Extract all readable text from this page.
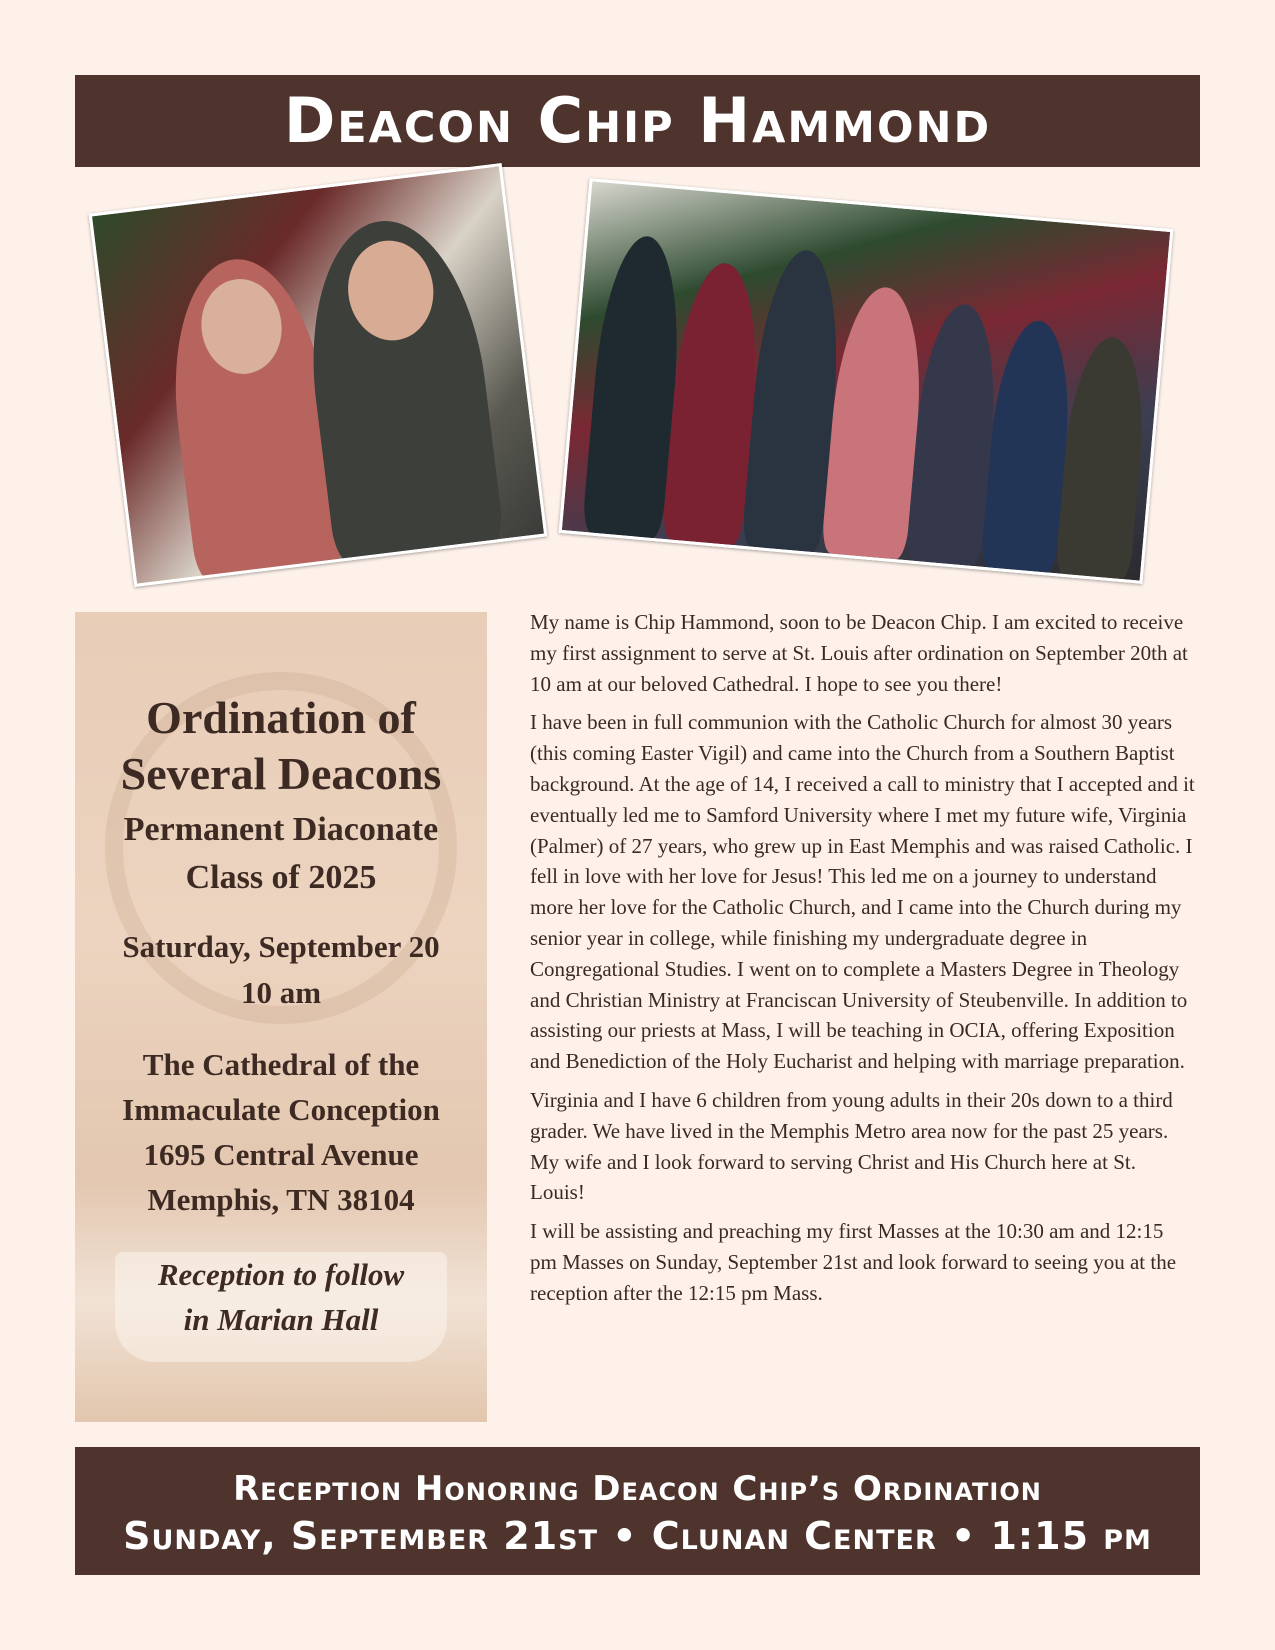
Deacon Chip Hammond
Ordination of
Several Deacons
Permanent Diaconate
Class of 2025
Saturday, September 20
10 am
The Cathedral of the
Immaculate Conception
1695 Central Avenue
Memphis, TN 38104
Reception to follow
in Marian Hall

My name is Chip Hammond, soon to be Deacon Chip. I am excited to receive my first assignment to serve at St. Louis after ordination on September 20th at 10 am at our beloved Cathedral. I hope to see you there!

I have been in full communion with the Catholic Church for almost 30 years (this coming Easter Vigil) and came into the Church from a Southern Baptist background. At the age of 14, I received a call to ministry that I accepted and it eventually led me to Samford University where I met my future wife, Virginia (Palmer) of 27 years, who grew up in East Memphis and was raised Catholic. I fell in love with her love for Jesus! This led me on a journey to understand more her love for the Catholic Church, and I came into the Church during my senior year in college, while finishing my undergraduate degree in Congregational Studies. I went on to complete a Masters Degree in Theology and Christian Ministry at Franciscan University of Steubenville. In addition to assisting our priests at Mass, I will be teaching in OCIA, offering Exposition and Benediction of the Holy Eucharist and helping with marriage preparation.

Virginia and I have 6 children from young adults in their 20s down to a third grader. We have lived in the Memphis Metro area now for the past 25 years. My wife and I look forward to serving Christ and His Church here at St. Louis!

I will be assisting and preaching my first Masses at the 10:30 am and 12:15 pm Masses on Sunday, September 21st and look forward to seeing you at the reception after the 12:15 pm Mass.

Reception Honoring Deacon Chip’s Ordination
Sunday, September 21st • Clunan Center • 1:15 pm
